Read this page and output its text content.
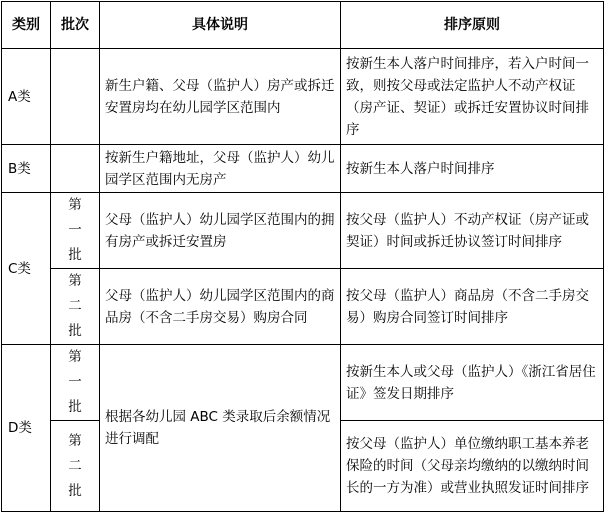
类别	批次	具体说明	排序原则
A类		新生户籍、父母（监护人）房产或拆迁安置房均在幼儿园学区范围内	按新生本人落户时间排序，若入户时间一致，则按父母或法定监护人不动产权证（房产证、契证）或拆迁安置协议时间排序
B类		按新生户籍地址，父母（监护人）幼儿园学区范围内无房产	按新生本人落户时间排序
C类	第一批	父母（监护人）幼儿园学区范围内的拥有房产或拆迁安置房	按父母（监护人）不动产权证（房产证或契证）时间或拆迁协议签订时间排序
	第二批	父母（监护人）幼儿园学区范围内的商品房（不含二手房交易）购房合同	按父母（监护人）商品房（不含二手房交易）购房合同签订时间排序
D类	第一批	根据各幼儿园 ABC 类录取后余额情况进行调配	按新生本人或父母（监护人）《浙江省居住证》签发日期排序
	第二批		按父母（监护人）单位缴纳职工基本养老保险的时间（父母亲均缴纳的以缴纳时间长的一方为准）或营业执照发证时间排序
